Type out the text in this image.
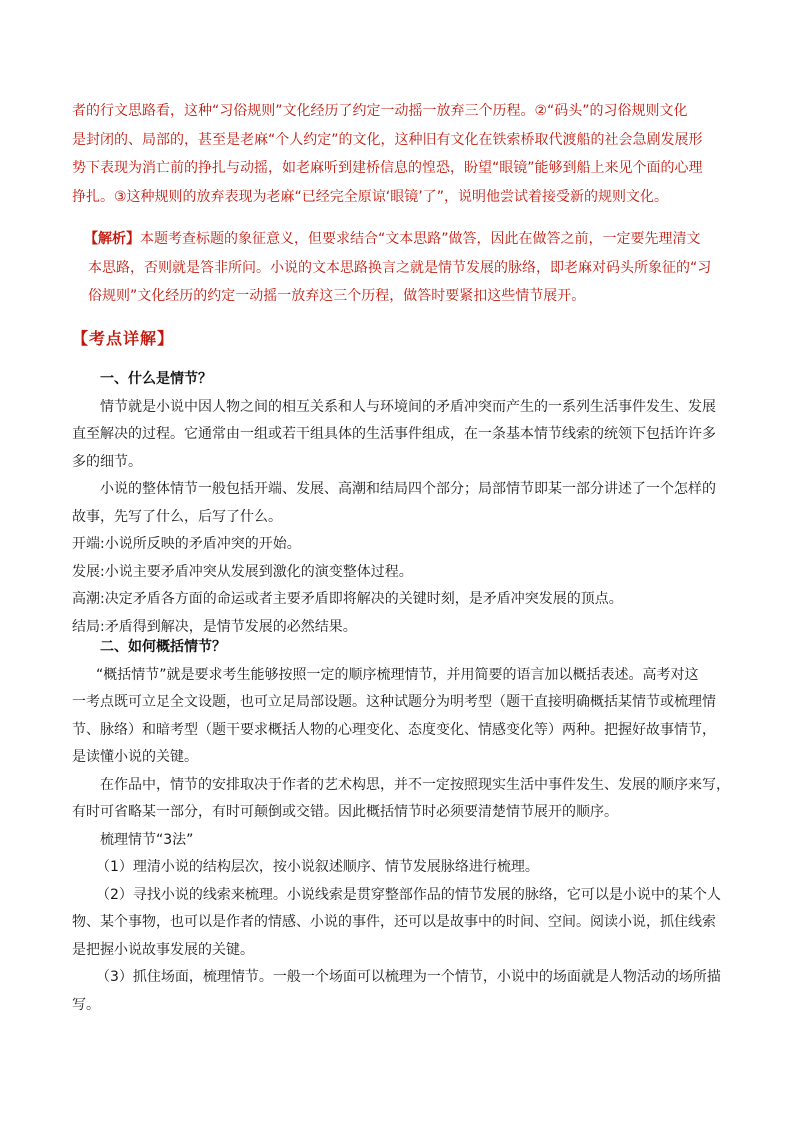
者的行文思路看，这种“习俗规则”文化经历了约定一动摇一放弃三个历程。②“码头”的习俗规则文化

是封闭的、局部的，甚至是老麻“个人约定”的文化，这种旧有文化在铁索桥取代渡船的社会急剧发展形

势下表现为消亡前的挣扎与动摇，如老麻听到建桥信息的惶恐，盼望“眼镜”能够到船上来见个面的心理

挣扎。③这种规则的放弃表现为老麻“已经完全原谅‘眼镜’了”，说明他尝试着接受新的规则文化。

【解析】本题考查标题的象征意义，但要求结合“文本思路”做答，因此在做答之前，一定要先理清文

本思路，否则就是答非所问。小说的文本思路换言之就是情节发展的脉络，即老麻对码头所象征的“习

俗规则”文化经历的约定一动摇一放弃这三个历程，做答时要紧扣这些情节展开。

【考点详解】

一、什么是情节？

情节就是小说中因人物之间的相互关系和人与环境间的矛盾冲突而产生的一系列生活事件发生、发展

直至解决的过程。它通常由一组或若干组具体的生活事件组成，在一条基本情节线索的统领下包括许许多

多的细节。

小说的整体情节一般包括开端、发展、高潮和结局四个部分；局部情节即某一部分讲述了一个怎样的

故事，先写了什么，后写了什么。

开端:小说所反映的矛盾冲突的开始。

发展:小说主要矛盾冲突从发展到激化的演变整体过程。

高潮:决定矛盾各方面的命运或者主要矛盾即将解决的关键时刻，是矛盾冲突发展的顶点。

结局:矛盾得到解决，是情节发展的必然结果。

二、如何概括情节？

“概括情节”就是要求考生能够按照一定的顺序梳理情节，并用简要的语言加以概括表述。高考对这

一考点既可立足全文设题，也可立足局部设题。这种试题分为明考型（题干直接明确概括某情节或梳理情

节、脉络）和暗考型（题干要求概括人物的心理变化、态度变化、情感变化等）两种。把握好故事情节，

是读懂小说的关键。

在作品中，情节的安排取决于作者的艺术构思，并不一定按照现实生活中事件发生、发展的顺序来写，

有时可省略某一部分，有时可颠倒或交错。因此概括情节时必须要清楚情节展开的顺序。

梳理情节“3法”

（1）理清小说的结构层次，按小说叙述顺序、情节发展脉络进行梳理。

（2）寻找小说的线索来梳理。小说线索是贯穿整部作品的情节发展的脉络，它可以是小说中的某个人

物、某个事物，也可以是作者的情感、小说的事件，还可以是故事中的时间、空间。阅读小说，抓住线索

是把握小说故事发展的关键。

（3）抓住场面，梳理情节。一般一个场面可以梳理为一个情节，小说中的场面就是人物活动的场所描

写。
